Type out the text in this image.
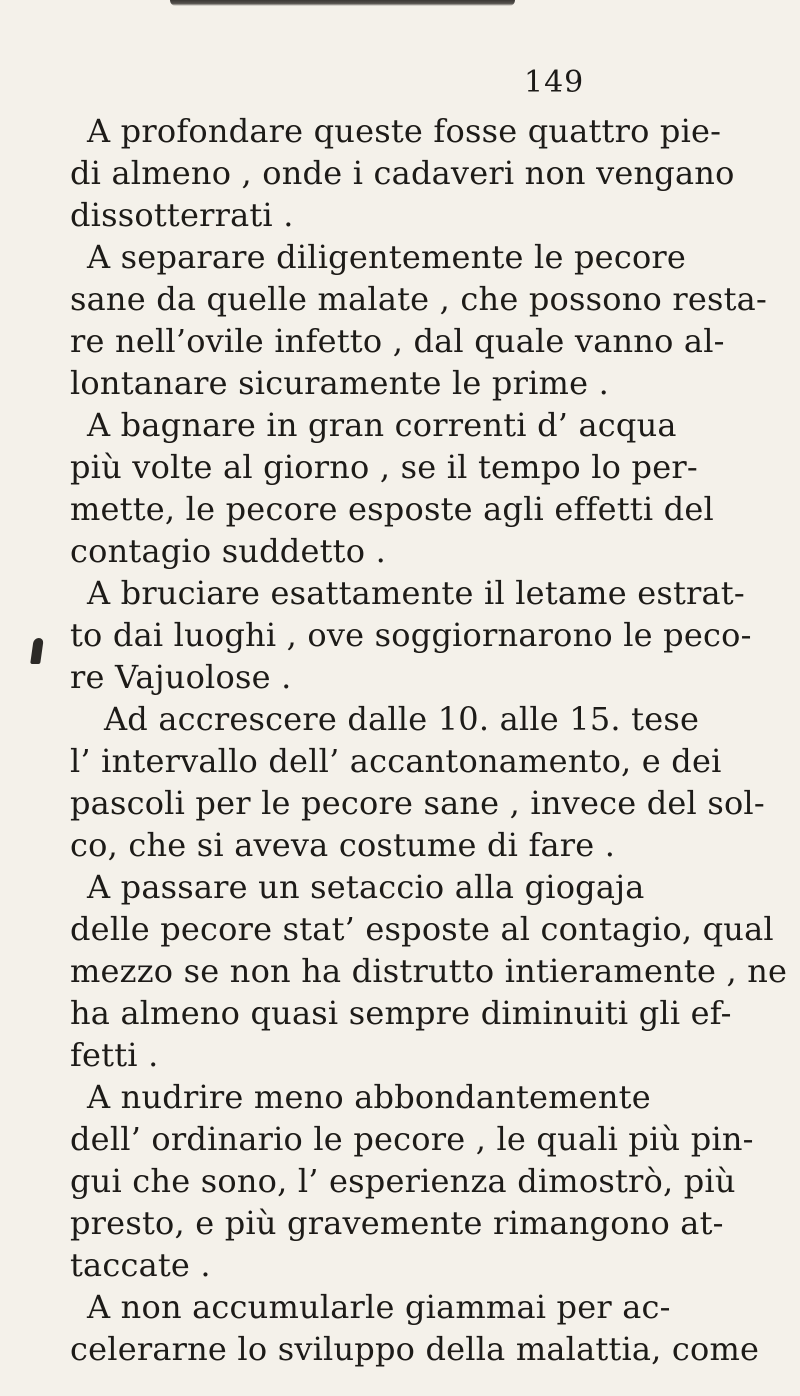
149
A profondare queste fosse quattro pie-
di almeno , onde i cadaveri non vengano
dissotterrati .
A separare diligentemente le pecore
sane da quelle malate , che possono resta-
re nell’ovile infetto , dal quale vanno al-
lontanare sicuramente le prime .
A bagnare in gran correnti d’ acqua
più volte al giorno , se il tempo lo per-
mette, le pecore esposte agli effetti del
contagio suddetto .
A bruciare esattamente il letame estrat-
to dai luoghi , ove soggiornarono le peco-
re Vajuolose .
Ad accrescere dalle 10. alle 15. tese
l’ intervallo dell’ accantonamento, e dei
pascoli per le pecore sane , invece del sol-
co, che si aveva costume di fare .
A passare un setaccio alla giogaja
delle pecore stat’ esposte al contagio, qual
mezzo se non ha distrutto intieramente , ne
ha almeno quasi sempre diminuiti gli ef-
fetti .
A nudrire meno abbondantemente
dell’ ordinario le pecore , le quali più pin-
gui che sono, l’ esperienza dimostrò, più
presto, e più gravemente rimangono at-
taccate .
A non accumularle giammai per ac-
celerarne lo sviluppo della malattia, come
